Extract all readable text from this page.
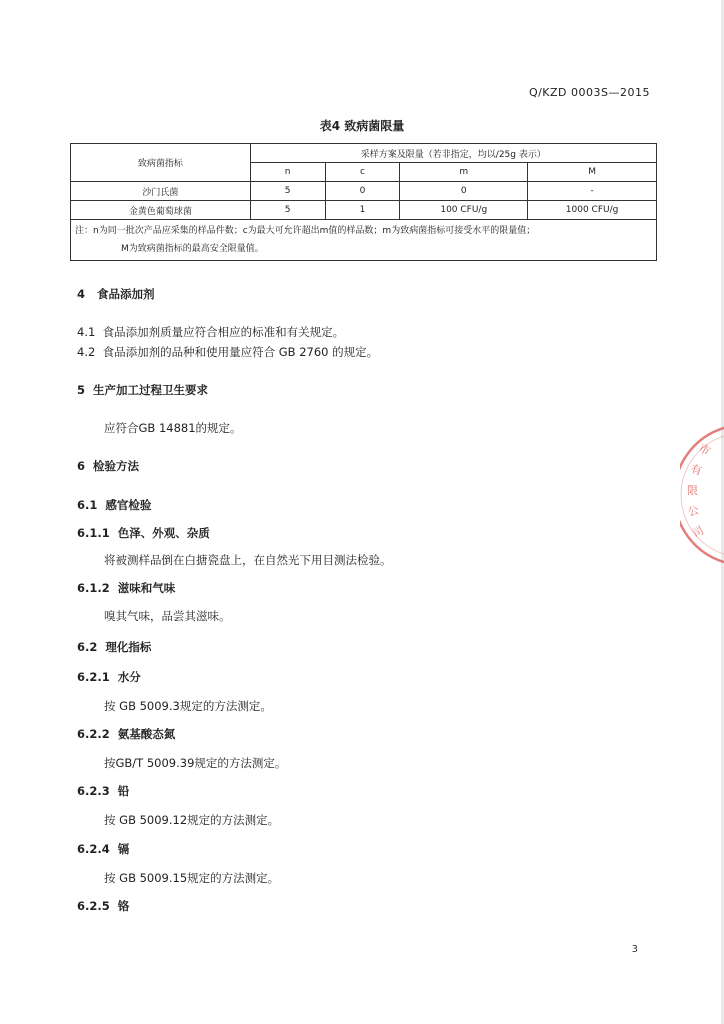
Q/KZD 0003S—2015
表4 致病菌限量
致病菌指标	采样方案及限量（若非指定，均以/25g 表示）			
	n	c	m	M
沙门氏菌	5	0	0	-
金黄色葡萄球菌	5	1	100 CFU/g	1000 CFU/g

注：n为同一批次产品应采集的样品件数；c为最大可允许超出m值的样品数；m为致病菌指标可接受水平的限量值；
M为致病菌指标的最高安全限量值。				
4 食品添加剂
4.1 食品添加剂质量应符合相应的标准和有关规定。
4.2 食品添加剂的品种和使用量应符合 GB 2760 的规定。
5 生产加工过程卫生要求
应符合GB 14881的规定。
6 检验方法
6.1 感官检验
6.1.1 色泽、外观、杂质
将被测样品倒在白搪瓷盘上，在自然光下用目测法检验。
6.1.2 滋味和气味
嗅其气味，品尝其滋味。
6.2 理化指标
6.2.1 水分
按 GB 5009.3规定的方法测定。
6.2.2 氨基酸态氮
按GB/T 5009.39规定的方法测定。
6.2.3 铅
按 GB 5009.12规定的方法测定。
6.2.4 镉
按 GB 5009.15规定的方法测定。
6.2.5 铬
市
有
限
公
司
3
